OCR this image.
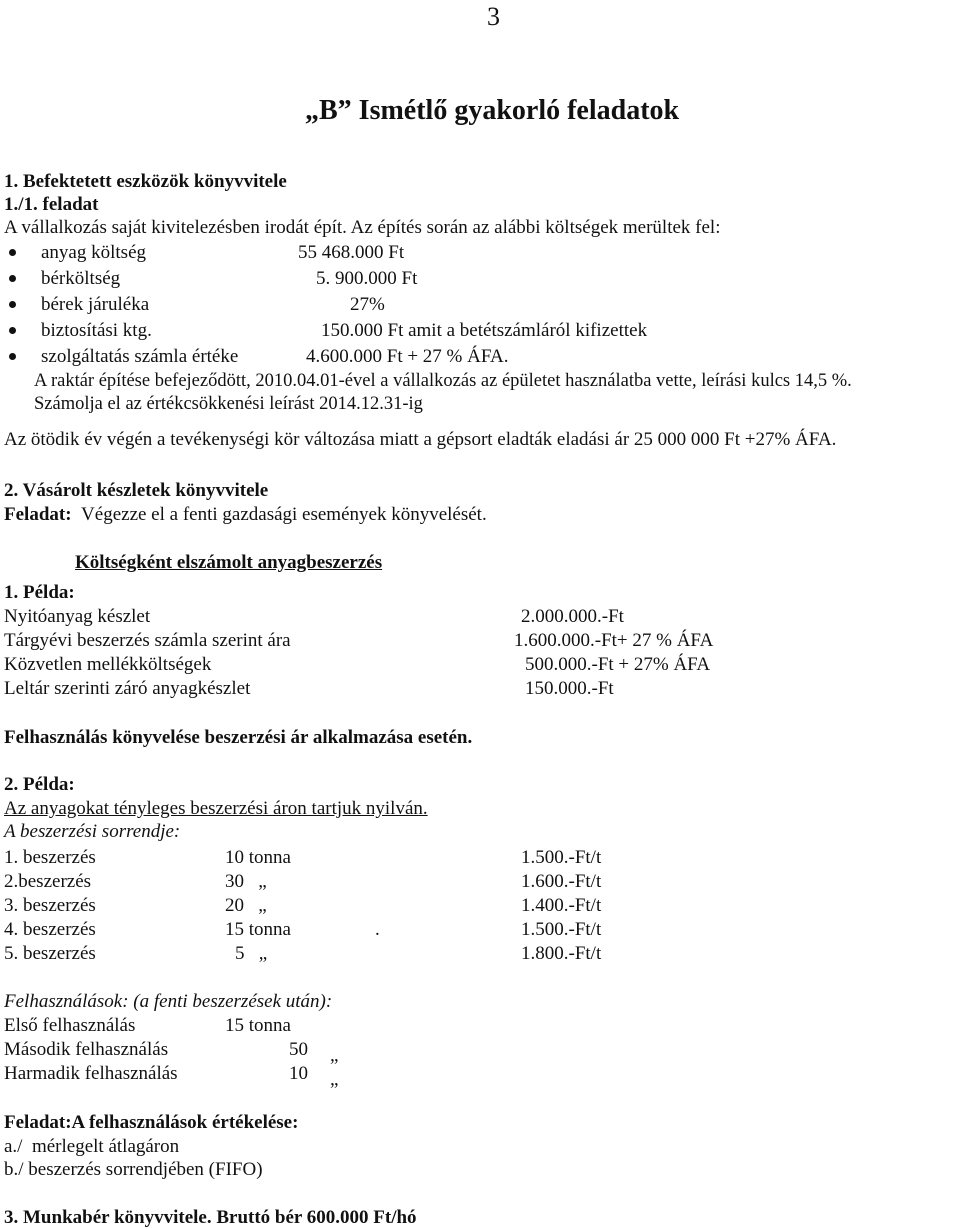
3
„B” Ismétlő gyakorló feladatok
1. Befektetett eszközök könyvvitele
1./1. feladat
A vállalkozás saját kivitelezésben irodát épít. Az építés során az alábbi költségek merültek fel:
anyag költség	55 468.000 Ft
bérköltség	5. 900.000 Ft
bérek járuléka	27%
biztosítási ktg.	150.000 Ft amit a betétszámláról kifizettek
szolgáltatás számla értéke	4.600.000 Ft + 27 % ÁFA.
A raktár építése befejeződött, 2010.04.01-ével a vállalkozás az épületet használatba vette, leírási kulcs 14,5 %.
Számolja el az értékcsökkenési leírást 2014.12.31-ig
Az ötödik év végén a tevékenységi kör változása miatt a gépsort eladták eladási ár 25 000 000 Ft +27% ÁFA.
2. Vásárolt készletek könyvvitele
Feladat: Végezze el a fenti gazdasági események könyvelését.
Költségként elszámolt anyagbeszerzés
1. Példa:
Nyitóanyag készlet	2.000.000.-Ft
Tárgyévi beszerzés számla szerint ára	1.600.000.-Ft+ 27 % ÁFA
Közvetlen mellékköltségek	500.000.-Ft + 27% ÁFA
Leltár szerinti záró anyagkészlet	150.000.-Ft
Felhasználás könyvelése beszerzési ár alkalmazása esetén.
2. Példa:
Az anyagokat tényleges beszerzési áron tartjuk nyilván.
A beszerzési sorrendje:
1. beszerzés	10 tonna	1.500.-Ft/t
2.beszerzés	30   „	1.600.-Ft/t
3. beszerzés	20   „	1.400.-Ft/t
4. beszerzés	15 tonna	.	1.500.-Ft/t
5. beszerzés	5   „	1.800.-Ft/t
Felhasználások: (a fenti beszerzések után):
Első felhasználás	15 tonna
Második felhasználás	50 „
Harmadik felhasználás	10 „
Feladat:A felhasználások értékelése:
a./  mérlegelt átlagáron
b./ beszerzés sorrendjében (FIFO)
3. Munkabér könyvvitele. Bruttó bér 600.000 Ft/hó
